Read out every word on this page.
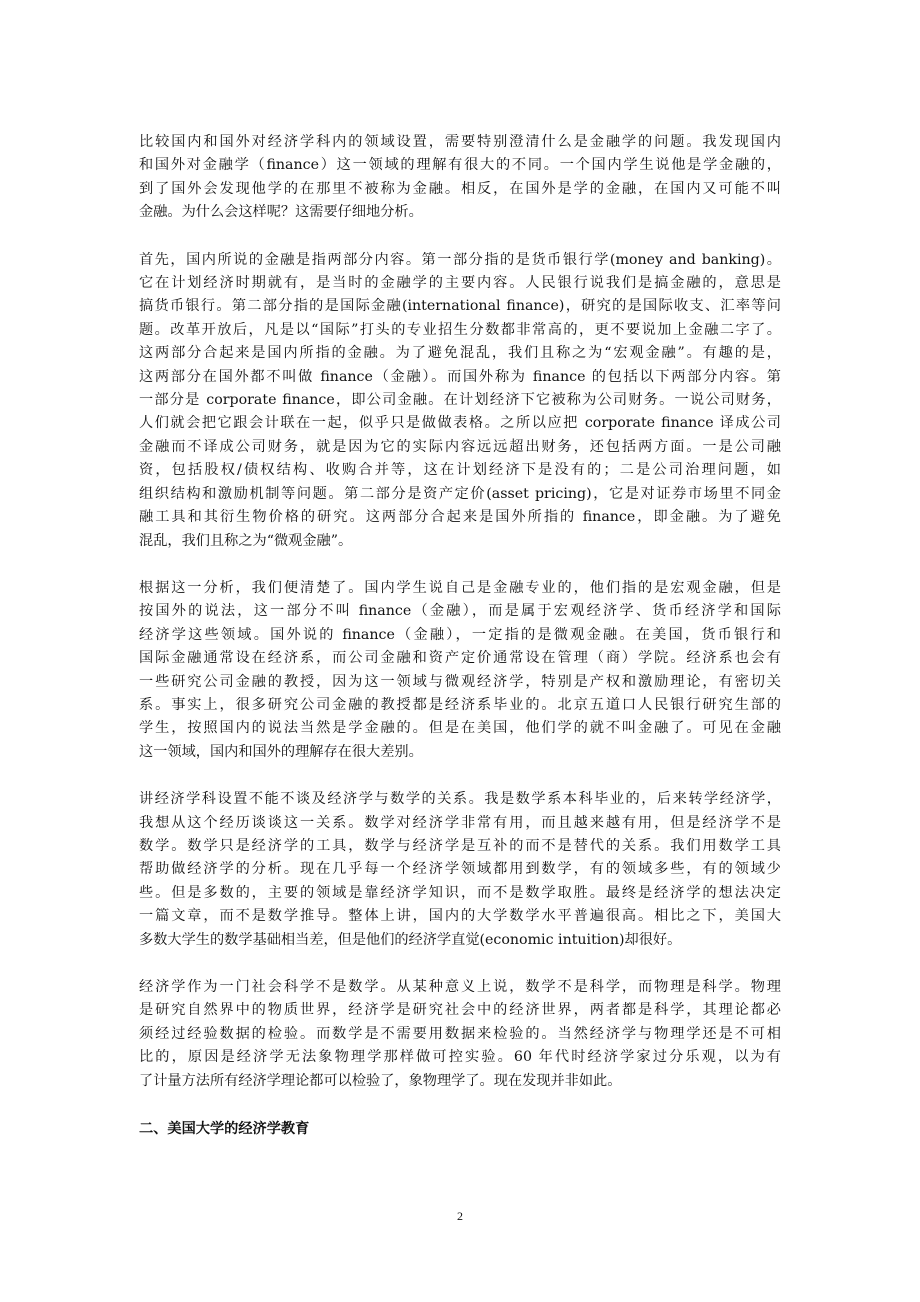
比较国内和国外对经济学科内的领域设置，需要特别澄清什么是金融学的问题。我发现国内
和国外对金融学（finance）这一领域的理解有很大的不同。一个国内学生说他是学金融的，
到了国外会发现他学的在那里不被称为金融。相反，在国外是学的金融，在国内又可能不叫
金融。为什么会这样呢？这需要仔细地分析。
首先，国内所说的金融是指两部分内容。第一部分指的是货币银行学(money and banking)。
它在计划经济时期就有，是当时的金融学的主要内容。人民银行说我们是搞金融的，意思是
搞货币银行。第二部分指的是国际金融(international finance)，研究的是国际收支、汇率等问
题。改革开放后，凡是以“国际”打头的专业招生分数都非常高的，更不要说加上金融二字了。
这两部分合起来是国内所指的金融。为了避免混乱，我们且称之为“宏观金融”。有趣的是，
这两部分在国外都不叫做 finance（金融）。而国外称为 finance 的包括以下两部分内容。第
一部分是 corporate finance，即公司金融。在计划经济下它被称为公司财务。一说公司财务，
人们就会把它跟会计联在一起，似乎只是做做表格。之所以应把 corporate finance 译成公司
金融而不译成公司财务，就是因为它的实际内容远远超出财务，还包括两方面。一是公司融
资，包括股权/债权结构、收购合并等，这在计划经济下是没有的；二是公司治理问题，如
组织结构和激励机制等问题。第二部分是资产定价(asset pricing)，它是对证券市场里不同金
融工具和其衍生物价格的研究。这两部分合起来是国外所指的 finance，即金融。为了避免
混乱，我们且称之为“微观金融”。
根据这一分析，我们便清楚了。国内学生说自己是金融专业的，他们指的是宏观金融，但是
按国外的说法，这一部分不叫 finance（金融），而是属于宏观经济学、货币经济学和国际
经济学这些领域。国外说的 finance（金融），一定指的是微观金融。在美国，货币银行和
国际金融通常设在经济系，而公司金融和资产定价通常设在管理（商）学院。经济系也会有
一些研究公司金融的教授，因为这一领域与微观经济学，特别是产权和激励理论，有密切关
系。事实上，很多研究公司金融的教授都是经济系毕业的。北京五道口人民银行研究生部的
学生，按照国内的说法当然是学金融的。但是在美国，他们学的就不叫金融了。可见在金融
这一领域，国内和国外的理解存在很大差别。
讲经济学科设置不能不谈及经济学与数学的关系。我是数学系本科毕业的，后来转学经济学，
我想从这个经历谈谈这一关系。数学对经济学非常有用，而且越来越有用，但是经济学不是
数学。数学只是经济学的工具，数学与经济学是互补的而不是替代的关系。我们用数学工具
帮助做经济学的分析。现在几乎每一个经济学领域都用到数学，有的领域多些，有的领域少
些。但是多数的，主要的领域是靠经济学知识，而不是数学取胜。最终是经济学的想法决定
一篇文章，而不是数学推导。整体上讲，国内的大学数学水平普遍很高。相比之下，美国大
多数大学生的数学基础相当差，但是他们的经济学直觉(economic intuition)却很好。
经济学作为一门社会科学不是数学。从某种意义上说，数学不是科学，而物理是科学。物理
是研究自然界中的物质世界，经济学是研究社会中的经济世界，两者都是科学，其理论都必
须经过经验数据的检验。而数学是不需要用数据来检验的。当然经济学与物理学还是不可相
比的，原因是经济学无法象物理学那样做可控实验。60 年代时经济学家过分乐观，以为有
了计量方法所有经济学理论都可以检验了，象物理学了。现在发现并非如此。
二、美国大学的经济学教育
2
